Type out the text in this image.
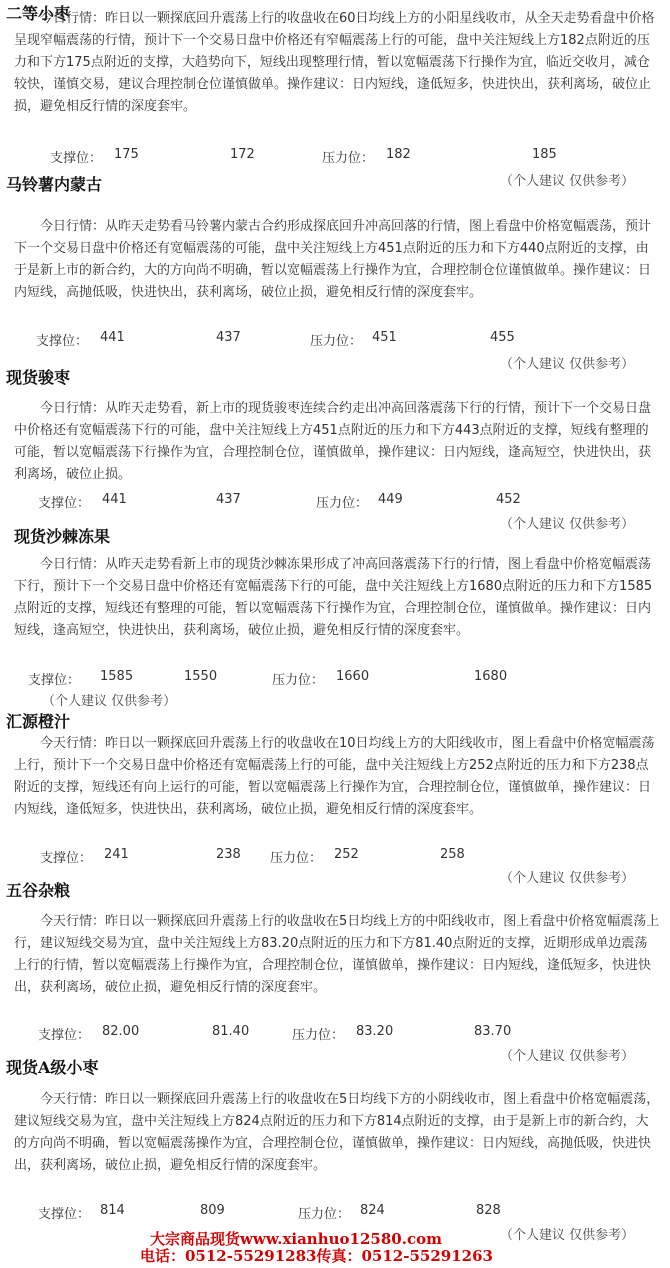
二等小枣
今日行情：昨日以一颗探底回升震荡上行的收盘收在60日均线上方的小阳星线收市，从全天走势看盘中价格呈现窄幅震荡的行情，预计下一个交易日盘中价格还有窄幅震荡上行的可能，盘中关注短线上方182点附近的压力和下方175点附近的支撑，大趋势向下，短线出现整理行情，暂以宽幅震荡下行操作为宜，临近交收月，减仓较快，谨慎交易，建议合理控制仓位谨慎做单。操作建议：日内短线，逢低短多，快进快出，获利离场，破位止损，避免相反行情的深度套牢。
支撑位： 175	172	压力位： 182	185
（个人建议 仅供参考）
马铃薯内蒙古
今日行情：从昨天走势看马铃薯内蒙古合约形成探底回升冲高回落的行情，图上看盘中价格宽幅震荡，预计下一个交易日盘中价格还有宽幅震荡的可能，盘中关注短线上方451点附近的压力和下方440点附近的支撑，由于是新上市的新合约，大的方向尚不明确，暂以宽幅震荡上行操作为宜，合理控制仓位谨慎做单。操作建议：日内短线，高抛低吸，快进快出，获利离场，破位止损，避免相反行情的深度套牢。
支撑位： 441	437	压力位： 451	455
（个人建议 仅供参考）
现货骏枣
今日行情：从昨天走势看，新上市的现货骏枣连续合约走出冲高回落震荡下行的行情，预计下一个交易日盘中价格还有宽幅震荡下行的可能，盘中关注短线上方451点附近的压力和下方443点附近的支撑，短线有整理的可能，暂以宽幅震荡下行操作为宜，合理控制仓位，谨慎做单，操作建议：日内短线，逢高短空，快进快出，获利离场，破位止损。
支撑位： 441	437	压力位： 449	452
（个人建议 仅供参考）
现货沙棘冻果
今日行情：从昨天走势看新上市的现货沙棘冻果形成了冲高回落震荡下行的行情，图上看盘中价格宽幅震荡下行，预计下一个交易日盘中价格还有宽幅震荡下行的可能，盘中关注短线上方1680点附近的压力和下方1585点附近的支撑，短线还有整理的可能，暂以宽幅震荡下行操作为宜，合理控制仓位，谨慎做单。操作建议：日内短线，逢高短空，快进快出，获利离场，破位止损，避免相反行情的深度套牢。
支撑位： 1585	1550	压力位： 1660	1680
（个人建议 仅供参考）
汇源橙汁
今天行情：昨日以一颗探底回升震荡上行的收盘收在10日均线上方的大阳线收市，图上看盘中价格宽幅震荡上行，预计下一个交易日盘中价格还有宽幅震荡上行的可能，盘中关注短线上方252点附近的压力和下方238点附近的支撑，短线还有向上运行的可能，暂以宽幅震荡上行操作为宜，合理控制仓位，谨慎做单，操作建议：日内短线，逢低短多，快进快出，获利离场，破位止损，避免相反行情的深度套牢。
支撑位： 241	238 压力位： 252	258
（个人建议 仅供参考）
五谷杂粮
今天行情：昨日以一颗探底回升震荡上行的收盘收在5日均线上方的中阳线收市，图上看盘中价格宽幅震荡上行，建议短线交易为宜，盘中关注短线上方83.20点附近的压力和下方81.40点附近的支撑，近期形成单边震荡上行的行情，暂以宽幅震荡上行操作为宜，合理控制仓位，谨慎做单，操作建议：日内短线，逢低短多，快进快出，获利离场，破位止损，避免相反行情的深度套牢。
支撑位： 82.00	81.40	压力位： 83.20	83.70
（个人建议 仅供参考）
现货A级小枣
今天行情：昨日以一颗探底回升震荡上行的收盘收在5日均线下方的小阴线收市，图上看盘中价格宽幅震荡，建议短线交易为宜，盘中关注短线上方824点附近的压力和下方814点附近的支撑，由于是新上市的新合约，大的方向尚不明确，暂以宽幅震荡操作为宜，合理控制仓位，谨慎做单，操作建议：日内短线，高抛低吸，快进快出，获利离场，破位止损，避免相反行情的深度套牢。
支撑位： 814	809	压力位： 824	828
（个人建议 仅供参考）
大宗商品现货www.xianhuo12580.com
电话：0512-55291283传真：0512-55291263
